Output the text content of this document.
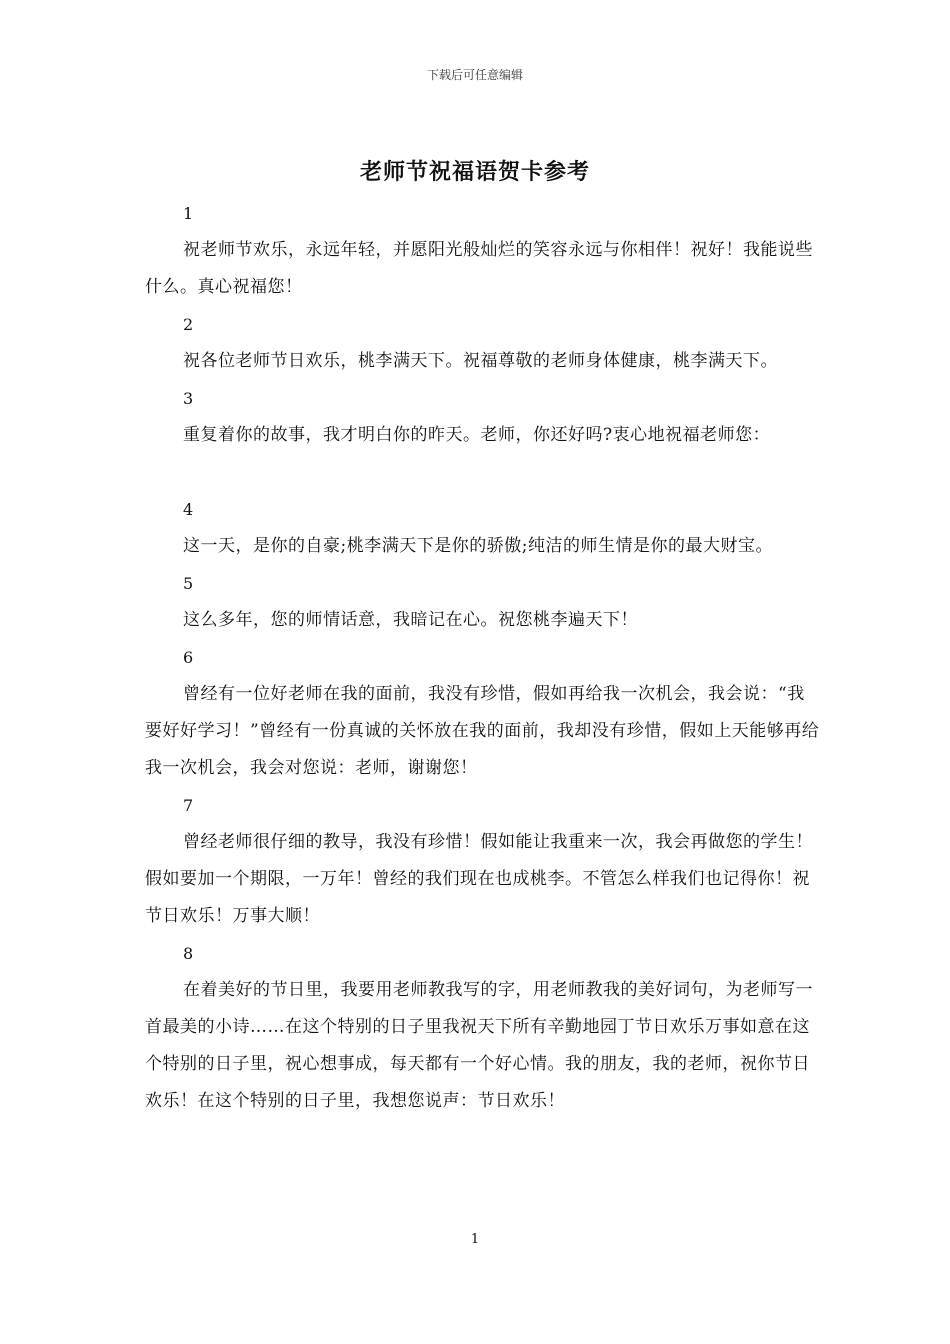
下载后可任意编辑
老师节祝福语贺卡参考
1

祝老师节欢乐，永远年轻，并愿阳光般灿烂的笑容永远与你相伴！祝好！我能说些什么。真心祝福您！

2

祝各位老师节日欢乐，桃李满天下。祝福尊敬的老师身体健康，桃李满天下。

3

重复着你的故事，我才明白你的昨天。老师，你还好吗?衷心地祝福老师您：

4

这一天，是你的自豪;桃李满天下是你的骄傲;纯洁的师生情是你的最大财宝。

5

这么多年，您的师情话意，我暗记在心。祝您桃李遍天下！

6

曾经有一位好老师在我的面前，我没有珍惜，假如再给我一次机会，我会说：“我要好好学习！”曾经有一份真诚的关怀放在我的面前，我却没有珍惜，假如上天能够再给我一次机会，我会对您说：老师，谢谢您！

7

曾经老师很仔细的教导，我没有珍惜！假如能让我重来一次，我会再做您的学生！假如要加一个期限，一万年！曾经的我们现在也成桃李。不管怎么样我们也记得你！祝节日欢乐！万事大顺！

8

在着美好的节日里，我要用老师教我写的字，用老师教我的美好词句，为老师写一首最美的小诗……在这个特别的日子里我祝天下所有辛勤地园丁节日欢乐万事如意在这个特别的日子里，祝心想事成，每天都有一个好心情。我的朋友，我的老师，祝你节日欢乐！在这个特别的日子里，我想您说声：节日欢乐！

1
